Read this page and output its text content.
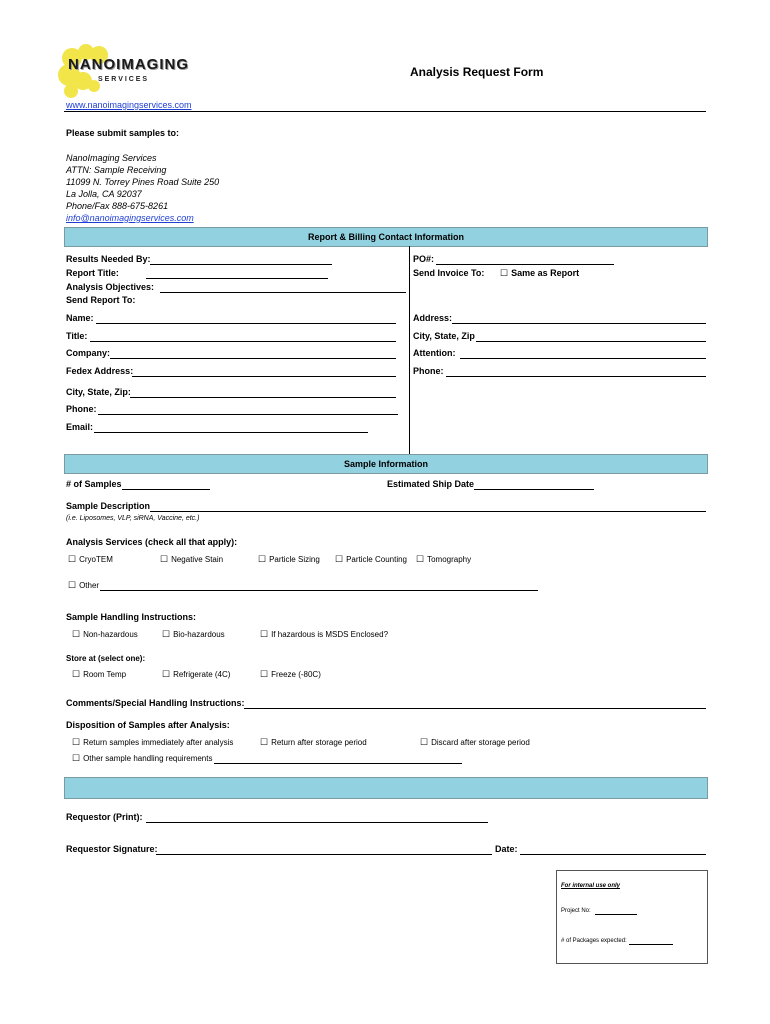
NANOIMAGING
S E R V I C E S
Analysis Request Form
www.nanoimagingservices.com
Please submit samples to:
NanoImaging Services
ATTN: Sample Receiving
11099 N. Torrey Pines Road Suite 250
La Jolla, CA 92037
Phone/Fax 888-675-8261
info@nanoimagingservices.com
Report & Billing Contact Information
Results Needed By:
Report Title:
Analysis Objectives:
Send Report To:
Name:
Title:
Company:
Fedex Address:
City, State, Zip:
Phone:
Email:
PO#:
Send Invoice To: ☐ Same as Report
Address:
City, State, Zip
Attention:
Phone:
Sample Information
# of Samples	Estimated Ship Date
Sample Description
(i.e. Liposomes, VLP, siRNA, Vaccine, etc.)
Analysis Services (check all that apply):
☐ CryoTEM	☐ Negative Stain	☐ Particle Sizing ☐ Particle Counting ☐ Tomography
☐ Other
Sample Handling Instructions:
☐ Non-hazardous	☐ Bio-hazardous	☐ If hazardous is MSDS Enclosed?
Store at (select one):
☐ Room Temp	☐ Refrigerate (4C)	☐ Freeze (-80C)
Comments/Special Handling Instructions:
Disposition of Samples after Analysis:
☐ Return samples immediately after analysis	☐ Return after storage period	☐ Discard after storage period
☐ Other sample handling requirements
Requestor (Print):
Requestor Signature:	Date:
For internal use only
Project No:
# of Packages expected:
